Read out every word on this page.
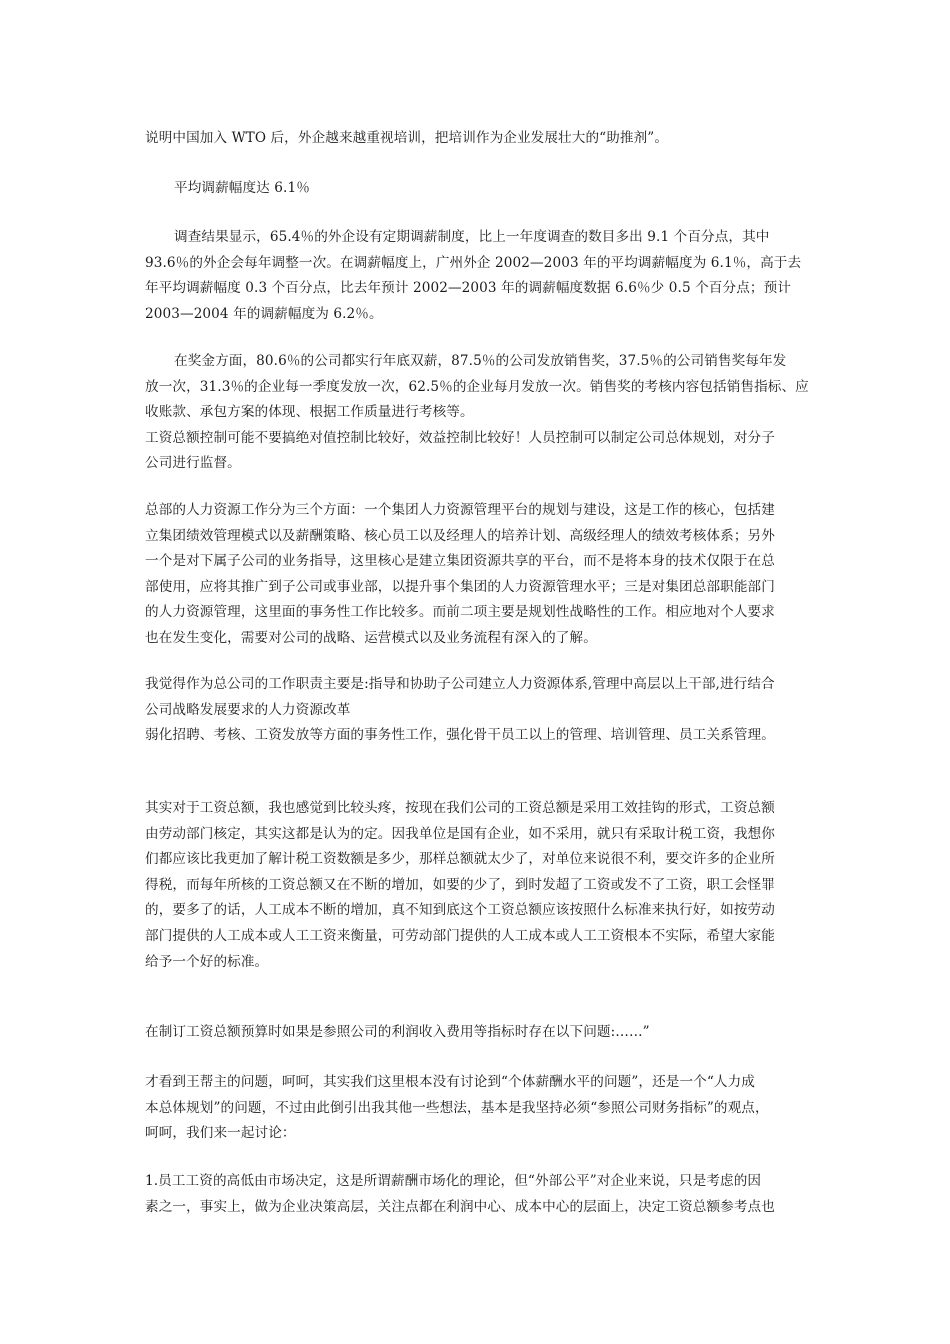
说明中国加入 WTO 后，外企越来越重视培训，把培训作为企业发展壮大的“助推剂”。

平均调薪幅度达 6.1％

调查结果显示，65.4％的外企设有定期调薪制度，比上一年度调查的数目多出 9.1 个百分点，其中
93.6％的外企会每年调整一次。在调薪幅度上，广州外企 2002—2003 年的平均调薪幅度为 6.1％，高于去
年平均调薪幅度 0.3 个百分点，比去年预计 2002—2003 年的调薪幅度数据 6.6％少 0.5 个百分点；预计
2003—2004 年的调薪幅度为 6.2％。

在奖金方面，80.6％的公司都实行年底双薪，87.5％的公司发放销售奖，37.5％的公司销售奖每年发
放一次，31.3％的企业每一季度发放一次，62.5％的企业每月发放一次。销售奖的考核内容包括销售指标、应
收账款、承包方案的体现、根据工作质量进行考核等。
工资总额控制可能不要搞绝对值控制比较好，效益控制比较好！人员控制可以制定公司总体规划，对分子
公司进行监督。

总部的人力资源工作分为三个方面：一个集团人力资源管理平台的规划与建设，这是工作的核心，包括建
立集团绩效管理模式以及薪酬策略、核心员工以及经理人的培养计划、高级经理人的绩效考核体系；另外
一个是对下属子公司的业务指导，这里核心是建立集团资源共享的平台，而不是将本身的技术仅限于在总
部使用，应将其推广到子公司或事业部，以提升事个集团的人力资源管理水平；三是对集团总部职能部门
的人力资源管理，这里面的事务性工作比较多。而前二项主要是规划性战略性的工作。相应地对个人要求
也在发生变化，需要对公司的战略、运营模式以及业务流程有深入的了解。

我觉得作为总公司的工作职责主要是:指导和协助子公司建立人力资源体系,管理中高层以上干部,进行结合
公司战略发展要求的人力资源改革
弱化招聘、考核、工资发放等方面的事务性工作，强化骨干员工以上的管理、培训管理、员工关系管理。

其实对于工资总额，我也感觉到比较头疼，按现在我们公司的工资总额是采用工效挂钩的形式，工资总额
由劳动部门核定，其实这都是认为的定。因我单位是国有企业，如不采用，就只有采取计税工资，我想你
们都应该比我更加了解计税工资数额是多少，那样总额就太少了，对单位来说很不利，要交许多的企业所
得税，而每年所核的工资总额又在不断的增加，如要的少了，到时发超了工资或发不了工资，职工会怪罪
的，要多了的话，人工成本不断的增加，真不知到底这个工资总额应该按照什么标准来执行好，如按劳动
部门提供的人工成本或人工工资来衡量，可劳动部门提供的人工成本或人工工资根本不实际，希望大家能
给予一个好的标准。

在制订工资总额预算时如果是参照公司的利润收入费用等指标时存在以下问题:……”

才看到王帮主的问题，呵呵，其实我们这里根本没有讨论到“个体薪酬水平的问题”，还是一个“人力成
本总体规划”的问题，不过由此倒引出我其他一些想法，基本是我坚持必须“参照公司财务指标”的观点，
呵呵，我们来一起讨论：

1.员工工资的高低由市场决定，这是所谓薪酬市场化的理论，但“外部公平”对企业来说，只是考虑的因
素之一，事实上，做为企业决策高层，关注点都在利润中心、成本中心的层面上，决定工资总额参考点也
